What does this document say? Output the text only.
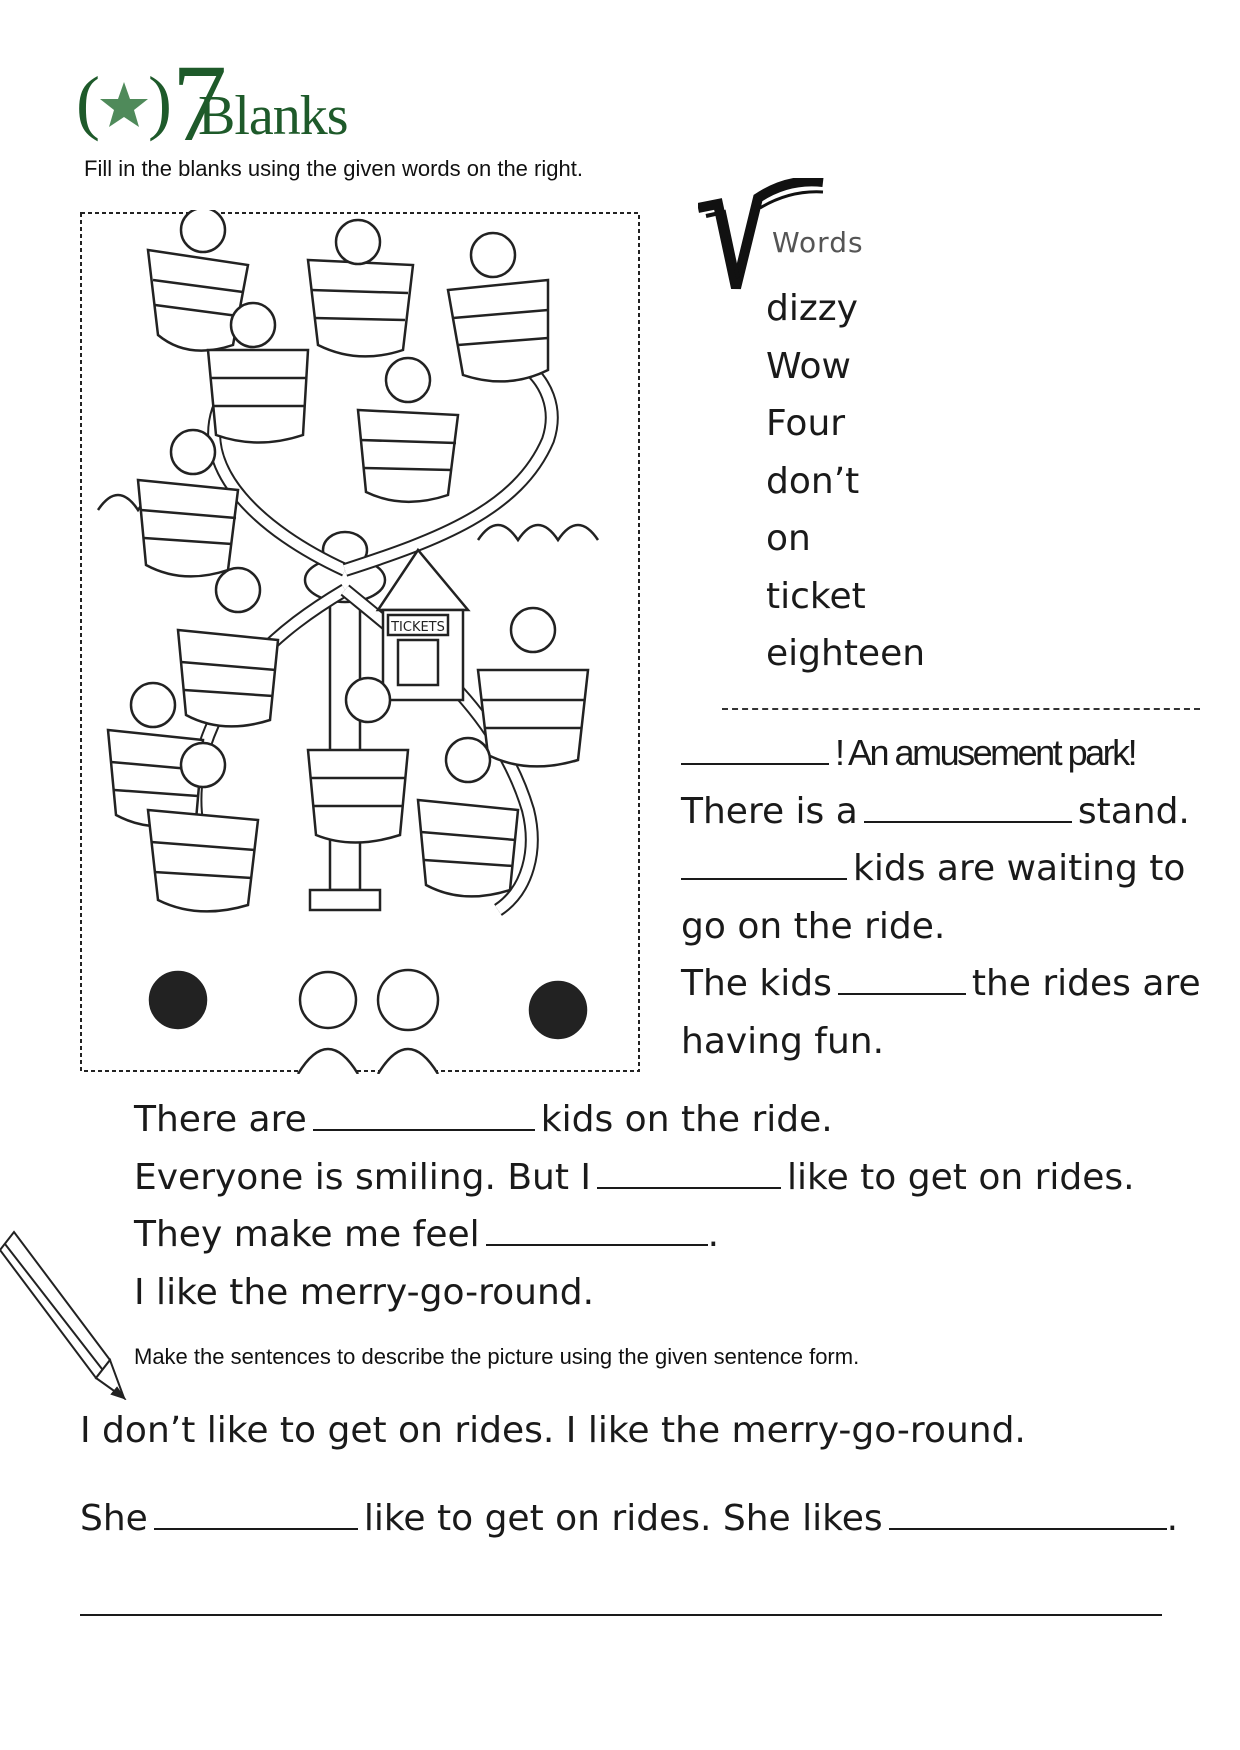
( ) 7
Blanks
Fill in the blanks using the given words on the right.
TICKETS
Words
dizzy
Wow
Four
don’t
on
ticket
eighteen
! An amusement park!
There is a	stand.
kids are waiting to
go on the ride.
The kids	the rides are
having fun.
There are	kids on the ride.
Everyone is smiling. But I	like to get on rides.
They make me feel	.
I like the merry-go-round.
Make the sentences to describe the picture using the given sentence form.
I don’t like to get on rides. I like the merry-go-round.
She	like to get on rides. She likes	.
